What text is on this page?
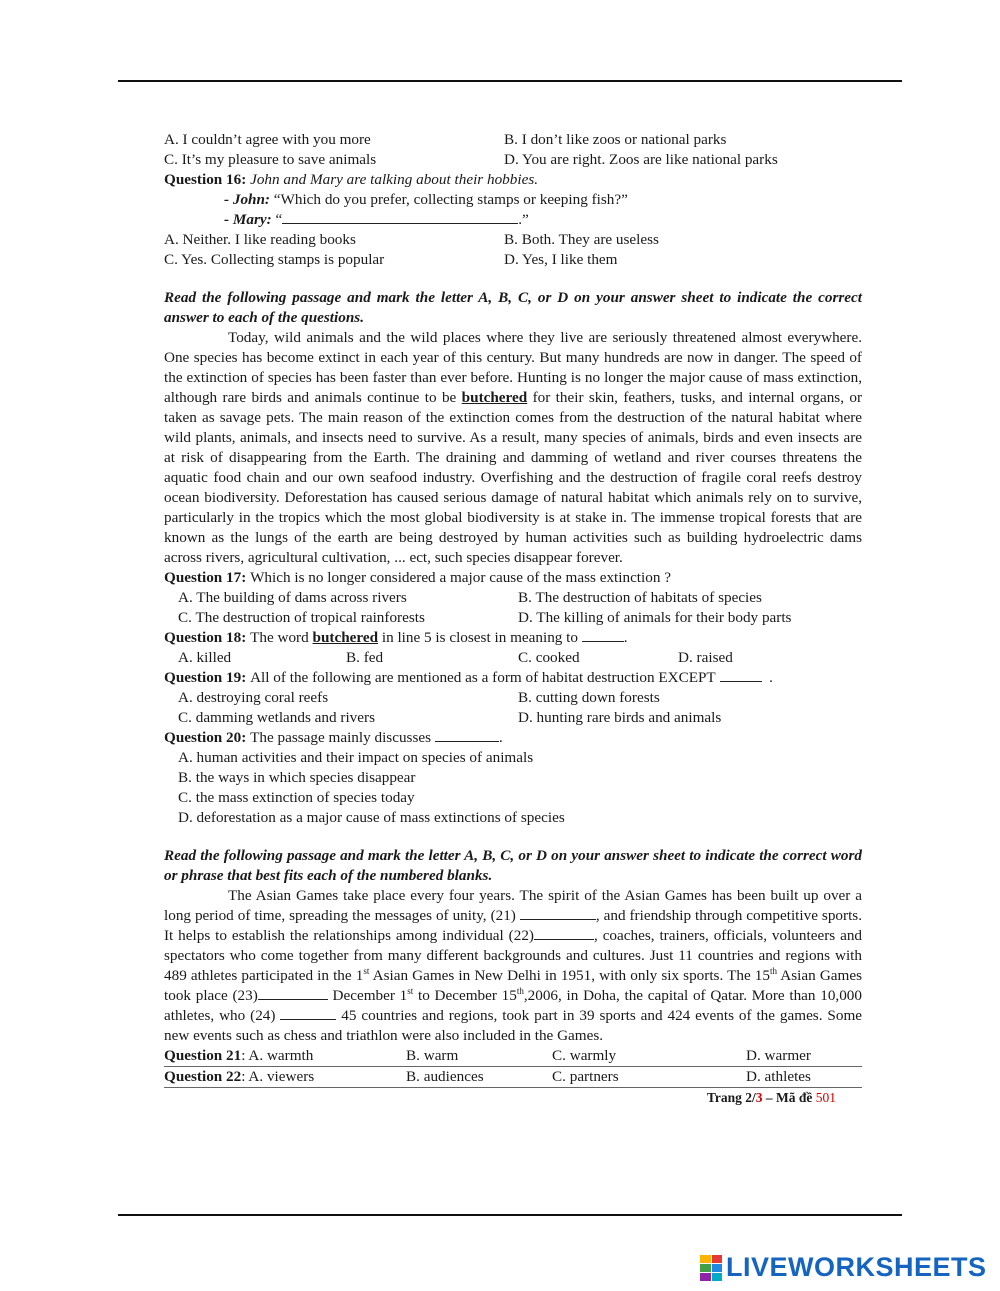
A. I couldn’t agree with you more	B. I don’t like zoos or national parks
C. It’s my pleasure to save animals	D. You are right. Zoos are like national parks
Question 16:
John and Mary are talking about their hobbies.
- John:
“Which do you prefer, collecting stamps or keeping fish?”
- Mary:
“	.”
A. Neither. I like reading books	B. Both. They are useless
C. Yes. Collecting stamps is popular	D. Yes, I like them
Read the following passage and mark the letter A, B, C, or D on your answer sheet to indicate the correct answer to each of the questions.
Today, wild animals and the wild places where they live are seriously threatened almost everywhere. One species has become extinct in each year of this century. But many hundreds are now in danger. The speed of the extinction of species has been faster than ever before. Hunting is no longer the major cause of mass extinction, although rare birds and animals continue to be butchered for their skin, feathers, tusks, and internal organs, or taken as savage pets. The main reason of the extinction comes from the destruction of the natural habitat where wild plants, animals, and insects need to survive. As a result, many species of animals, birds and even insects are at risk of disappearing from the Earth. The draining and damming of wetland and river courses threatens the aquatic food chain and our own seafood industry. Overfishing and the destruction of fragile coral reefs destroy ocean biodiversity. Deforestation has caused serious damage of natural habitat which animals rely on to survive, particularly in the tropics which the most global biodiversity is at stake in. The immense tropical forests that are known as the lungs of the earth are being destroyed by human activities such as building hydroelectric dams across rivers, agricultural cultivation, ... ect, such species disappear forever.
Question 17:
Which is no longer considered a major cause of the mass extinction ?
A. The building of dams across rivers	B. The destruction of habitats of species
C. The destruction of tropical rainforests	D. The killing of animals for their body parts
Question 18:
The word
butchered
in line 5 is closest in meaning to
	.
A. killed	B. fed	C. cooked	D. raised
Question 19:
All of the following are mentioned as a form of habitat destruction EXCEPT

	.
A. destroying coral reefs	B. cutting down forests
C. damming wetlands and rivers	D. hunting rare birds and animals
Question 20:
The passage mainly discusses
	.
A. human activities and their impact on species of animals
B. the ways in which species disappear
C. the mass extinction of species today
D. deforestation as a major cause of mass extinctions of species
Read the following passage and mark the letter A, B, C, or D on your answer sheet to indicate the correct word or phrase that best fits each of the numbered blanks.
The Asian Games take place every four years. The spirit of the Asian Games has been built up over a long period of time, spreading the messages of unity, (21)	, and friendship through competitive sports. It helps to establish the relationships among individual (22)	, coaches, trainers, officials, volunteers and spectators who come together from many different backgrounds and cultures. Just 11 countries and regions with 489 athletes participated in the 1st Asian Games in New Delhi in 1951, with only six sports. The 15th Asian Games took place (23)	December 1st to December 15th,2006, in Doha, the capital of Qatar. More than 10,000 athletes, who (24)	45 countries and regions, took part in 39 sports and 424 events of the games. Some new events such as chess and triathlon were also included in the Games.
Question 21: A. warmth	B. warm	C. warmly	D. warmer
Question 22: A. viewers	B. audiences	C. partners	D. athletes
Trang 2/3 – Mã đề 501
LIVEWORKSHEETS
